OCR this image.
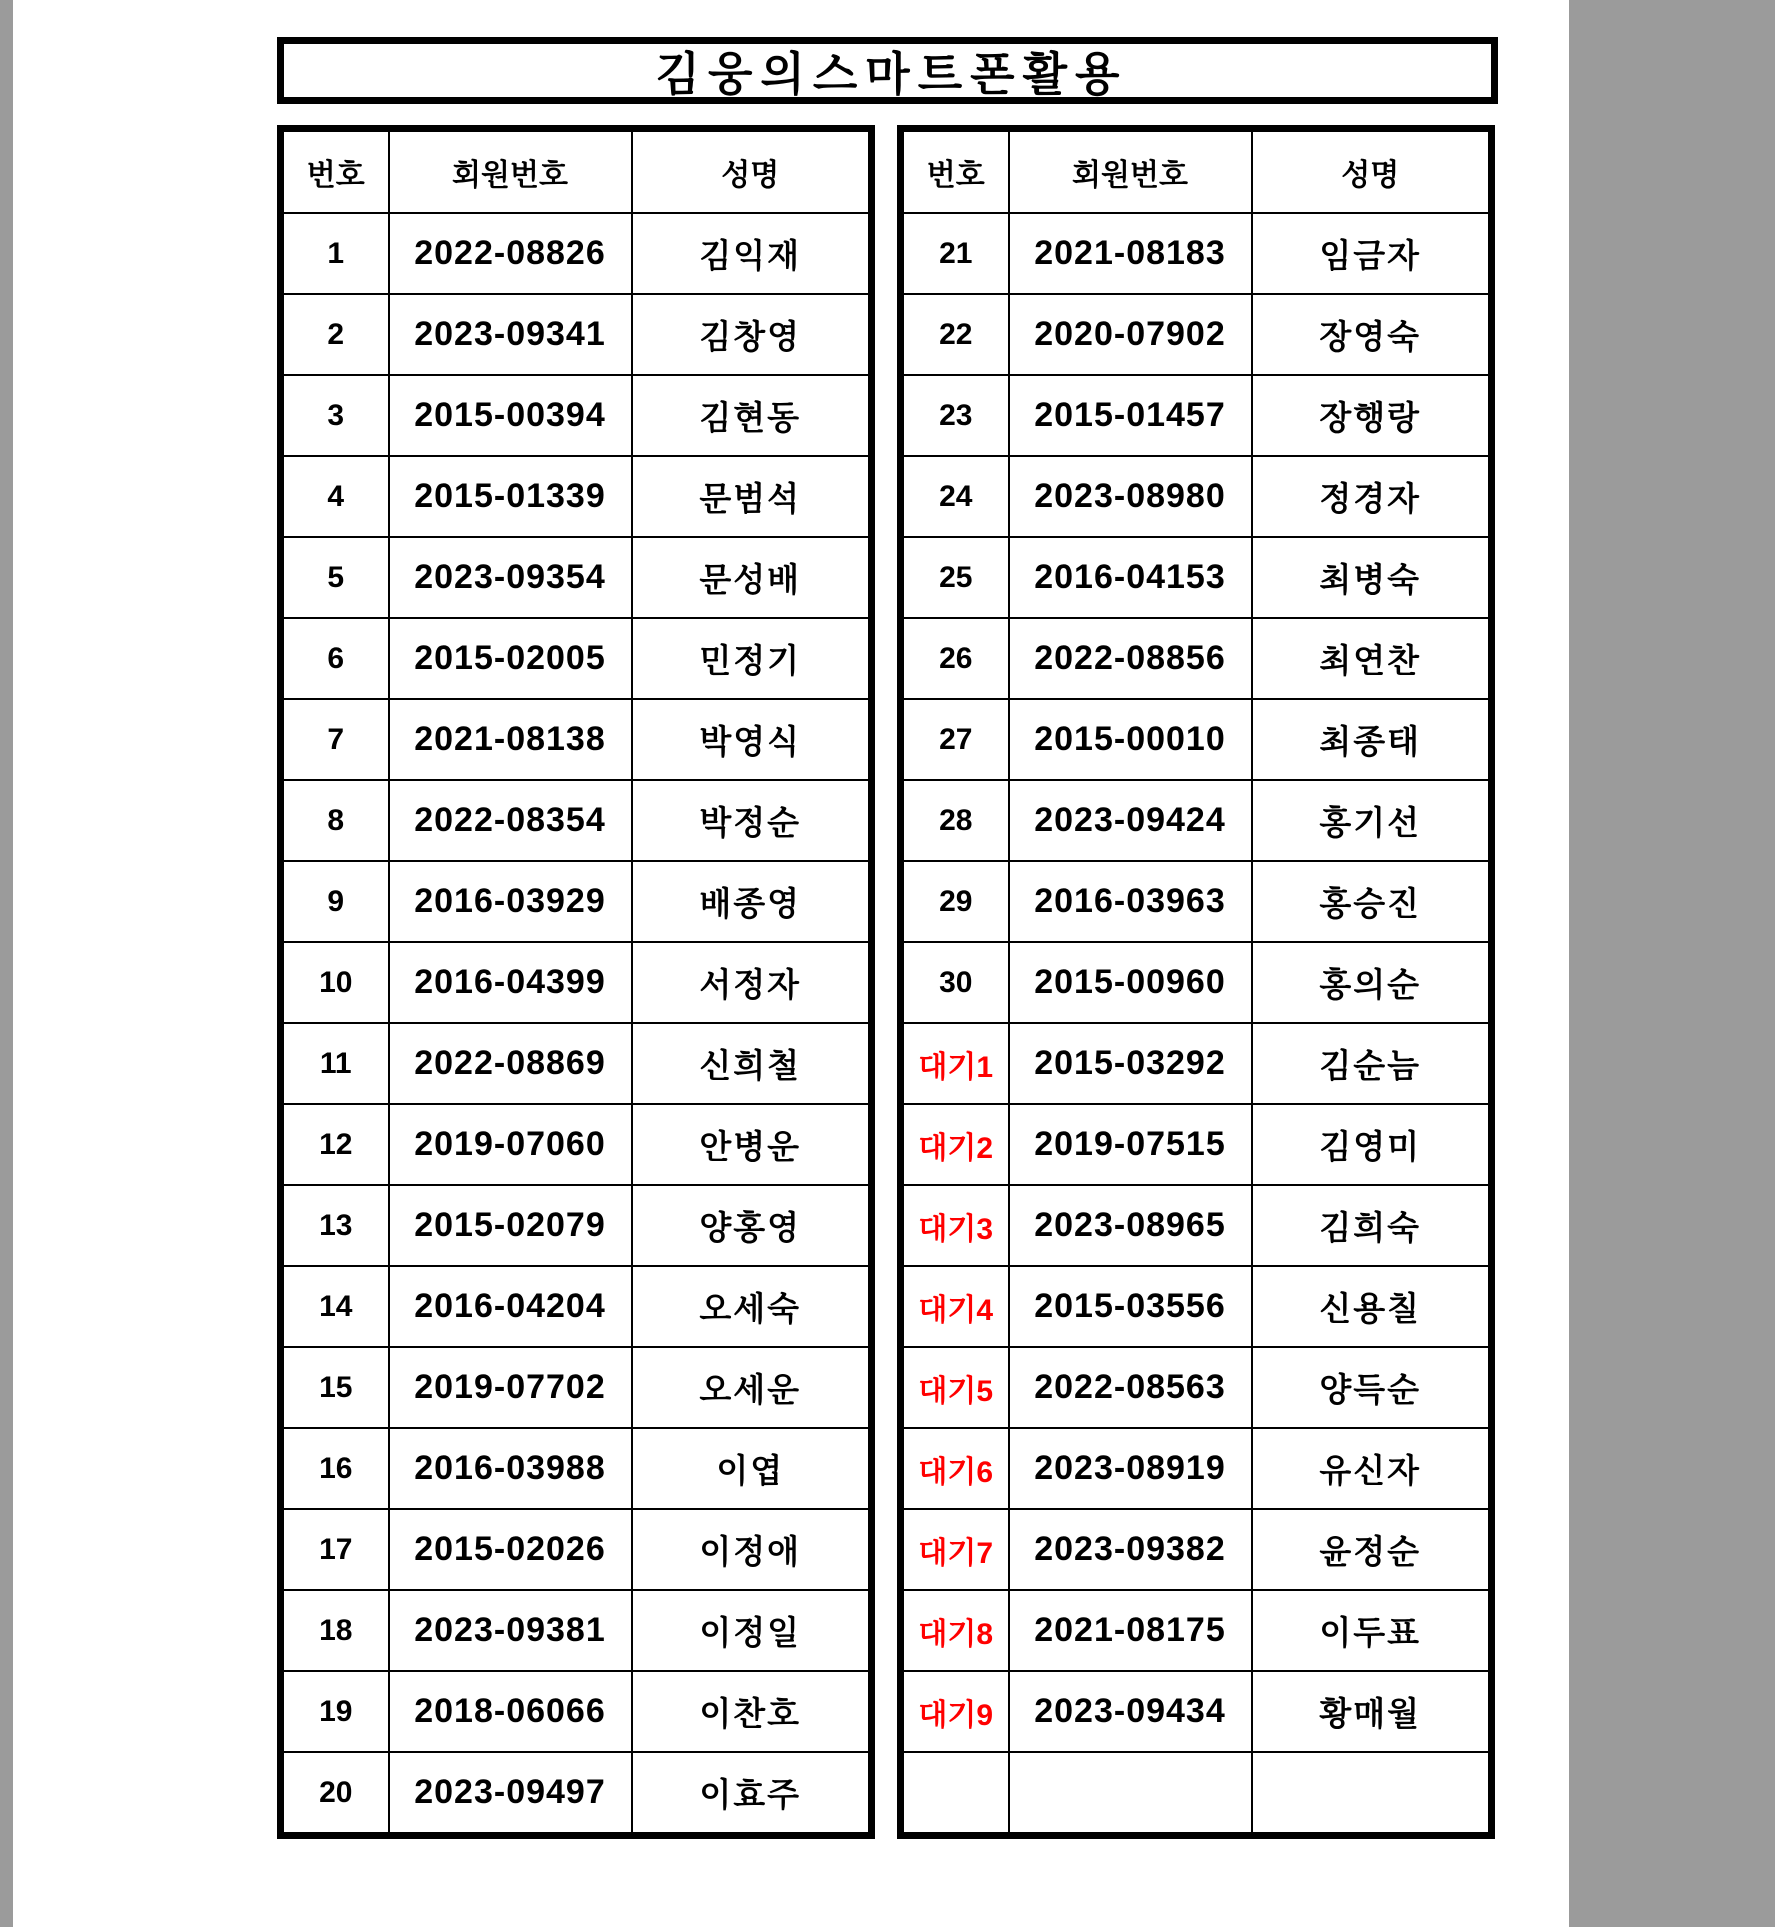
김웅의스마트폰활용
번호	회원번호	성명
1	2022-08826	김익재
2	2023-09341	김창영
3	2015-00394	김현동
4	2015-01339	문범석
5	2023-09354	문성배
6	2015-02005	민정기
7	2021-08138	박영식
8	2022-08354	박정순
9	2016-03929	배종영
10	2016-04399	서정자
11	2022-08869	신희철
12	2019-07060	안병운
13	2015-02079	양홍영
14	2016-04204	오세숙
15	2019-07702	오세운
16	2016-03988	이엽
17	2015-02026	이정애
18	2023-09381	이정일
19	2018-06066	이찬호
20	2023-09497	이효주
번호	회원번호	성명
21	2021-08183	임금자
22	2020-07902	장영숙
23	2015-01457	장행랑
24	2023-08980	정경자
25	2016-04153	최병숙
26	2022-08856	최연찬
27	2015-00010	최종태
28	2023-09424	홍기선
29	2016-03963	홍승진
30	2015-00960	홍의순
대기1	2015-03292	김순늠
대기2	2019-07515	김영미
대기3	2023-08965	김희숙
대기4	2015-03556	신용칠
대기5	2022-08563	양득순
대기6	2023-08919	유신자
대기7	2023-09382	윤정순
대기8	2021-08175	이두표
대기9	2023-09434	황매월
